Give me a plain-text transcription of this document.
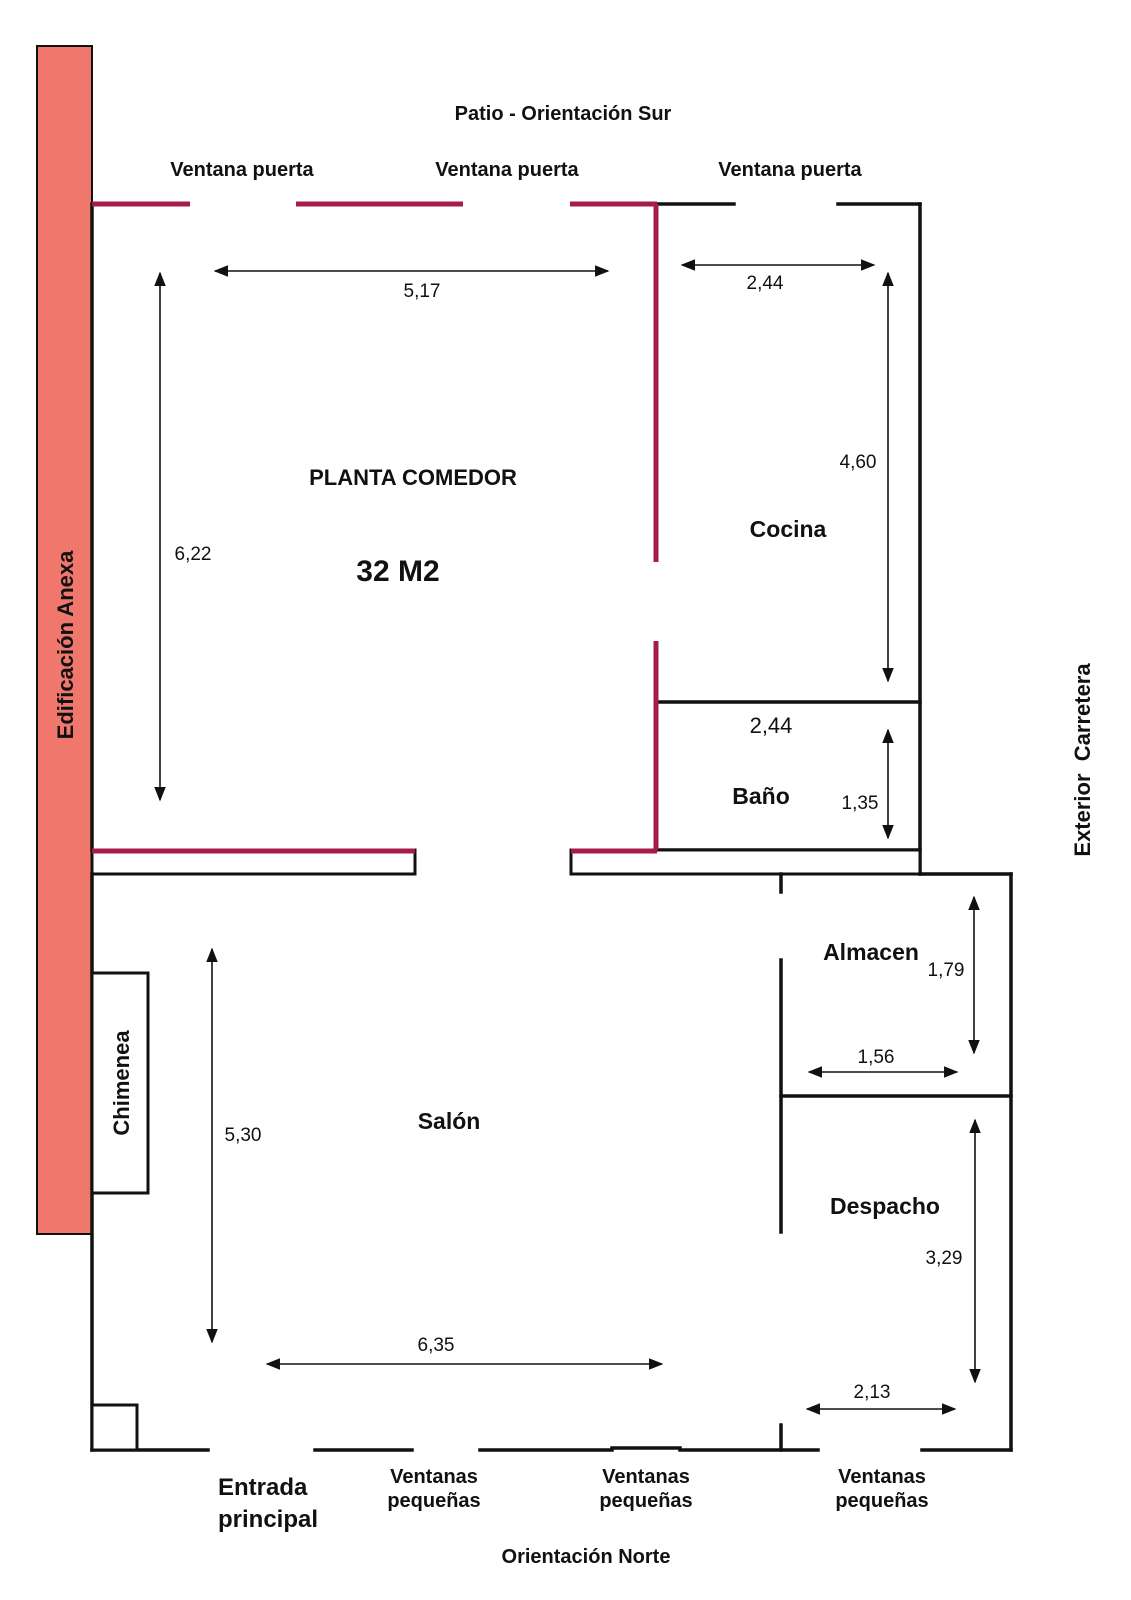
Patio - Orientación Sur
Ventana puerta	Ventana puerta	Ventana puerta
Edificación Anexa
Exterior  Carretera
Chimenea
PLANTA COMEDOR
32 M2
Cocina
Baño
Almacen
Despacho
Salón
Entrada
principal
Ventanas
pequeñas
Ventanas
pequeñas
Ventanas
pequeñas
Orientación Norte
5,17
6,22
2,44
4,60
2,44
1,35
1,79
1,56
3,29
2,13
5,30
6,35
